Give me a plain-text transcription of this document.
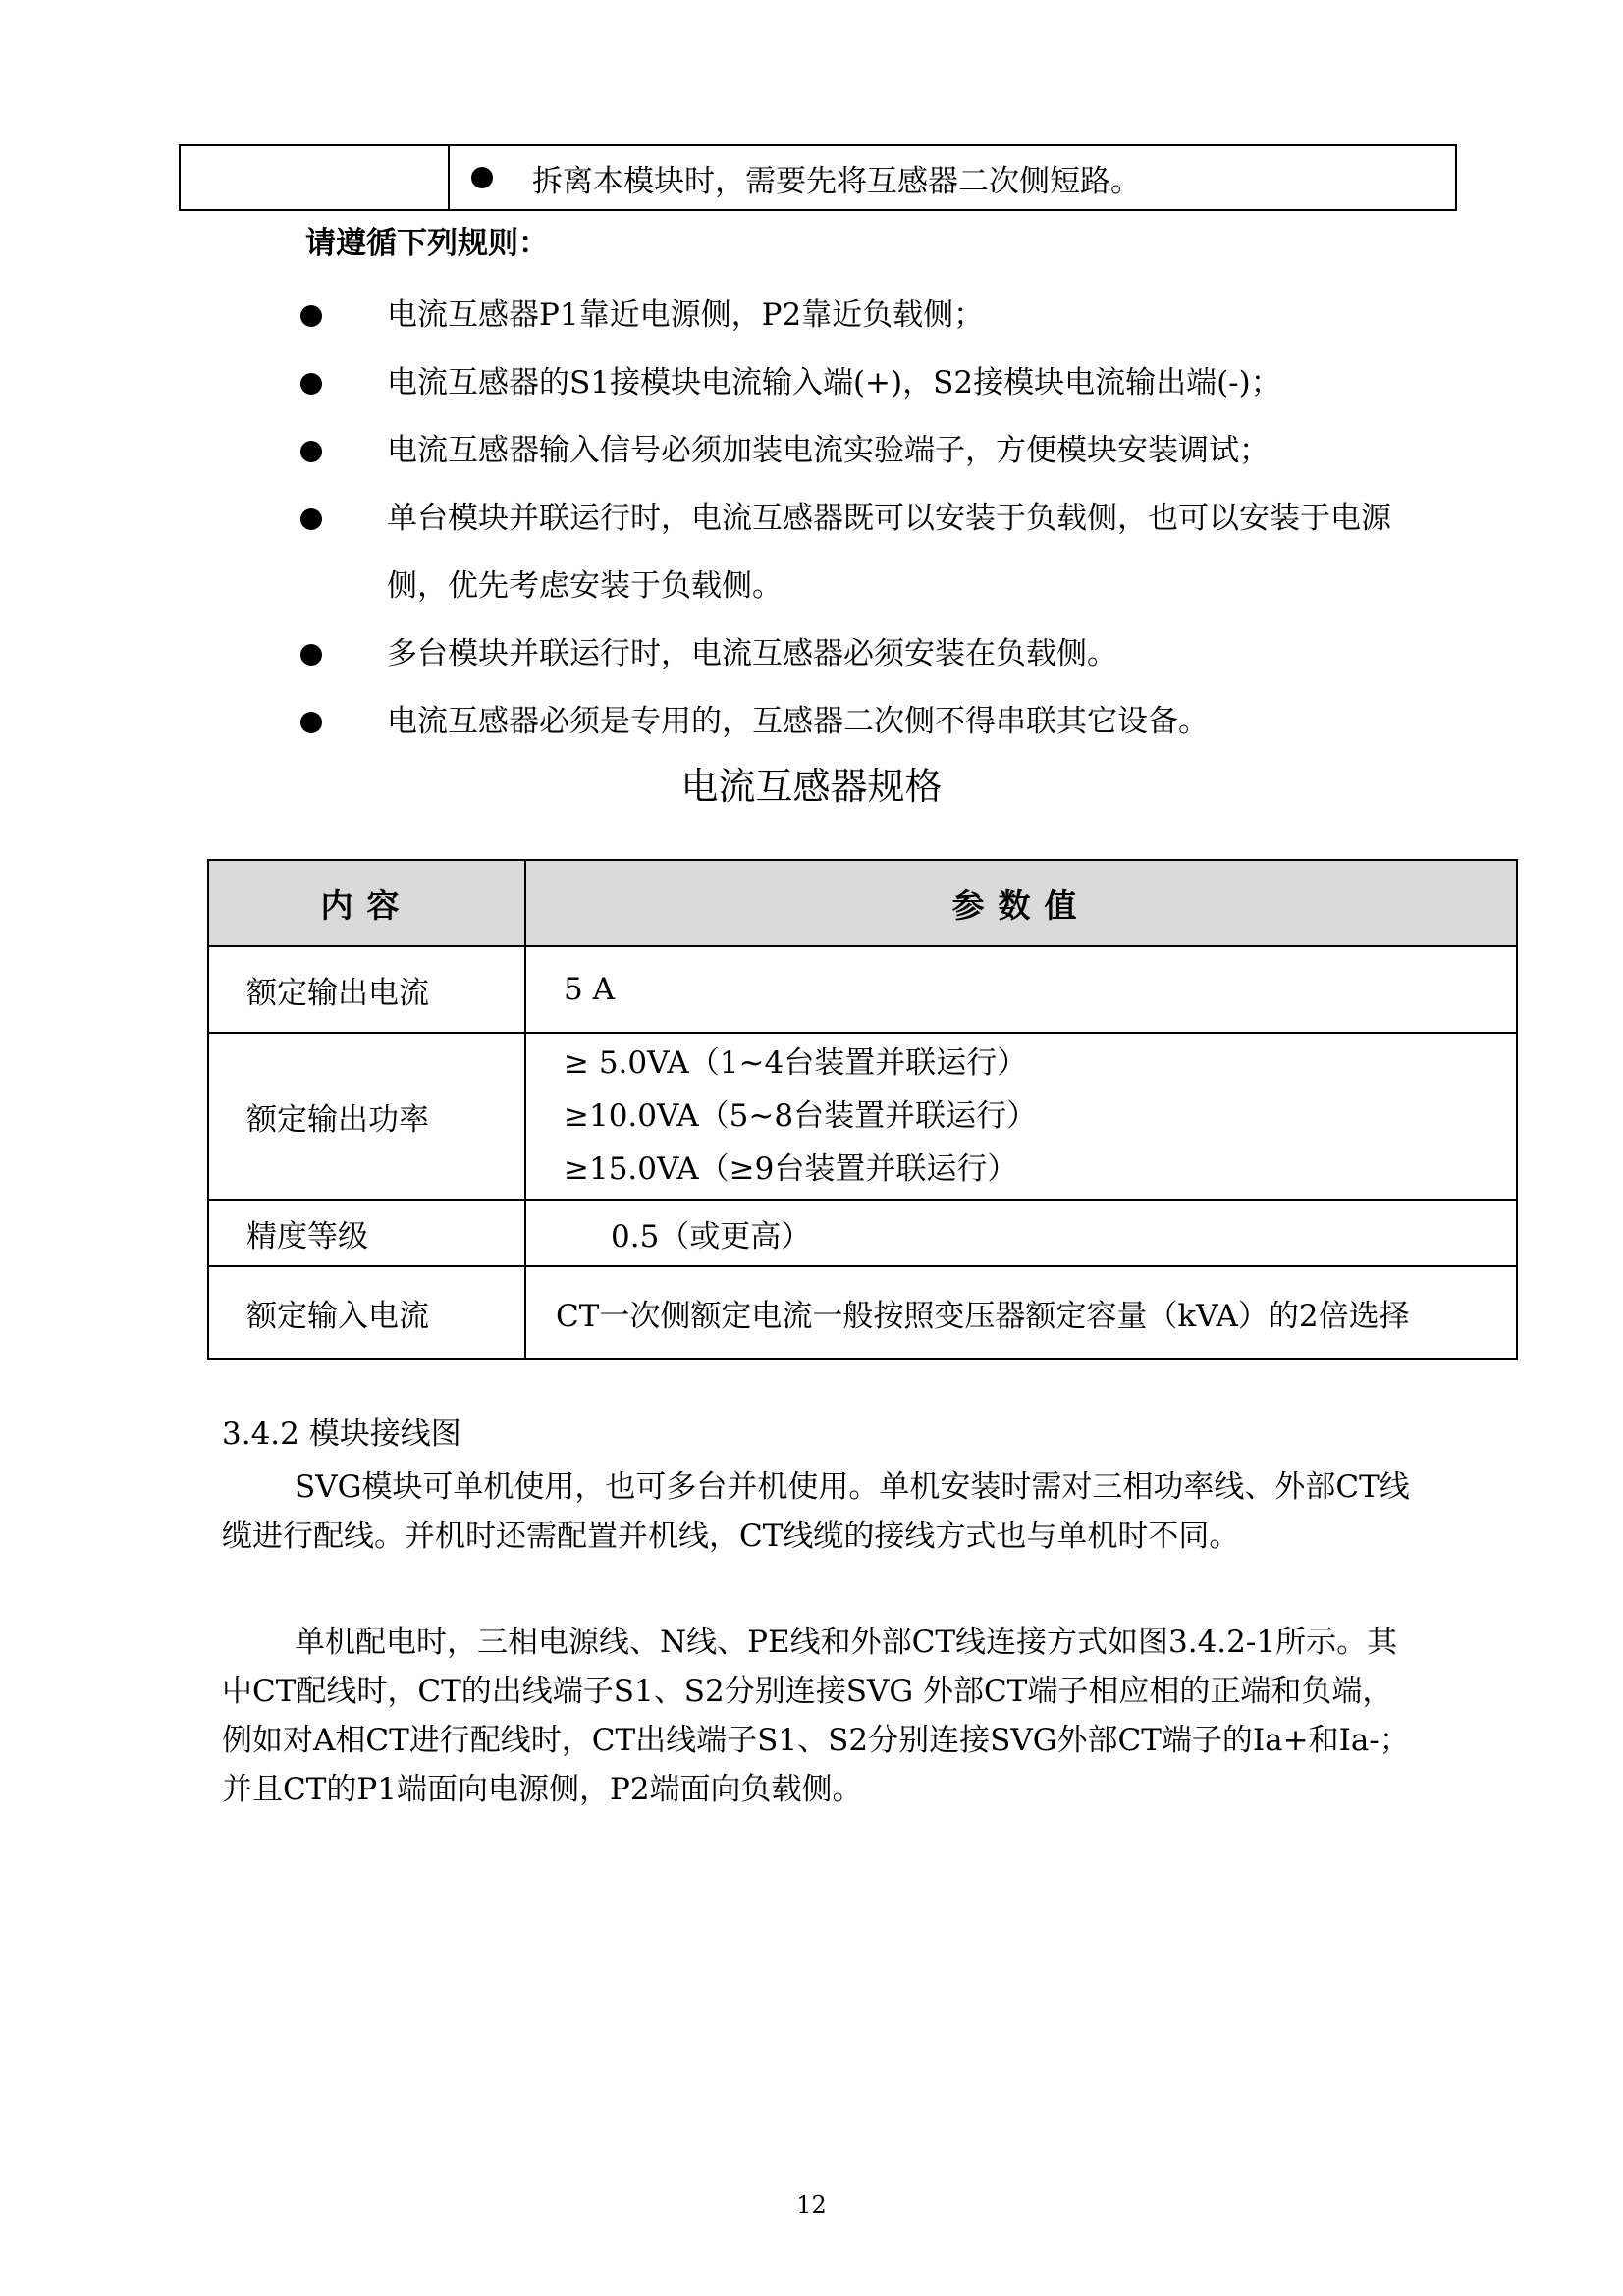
拆离本模块时，需要先将互感器二次侧短路。
请遵循下列规则：
电流互感器P1靠近电源侧，P2靠近负载侧；
电流互感器的S1接模块电流输入端(+)，S2接模块电流输出端(-)；
电流互感器输入信号必须加装电流实验端子，方便模块安装调试；
单台模块并联运行时，电流互感器既可以安装于负载侧，也可以安装于电源侧，优先考虑安装于负载侧。
多台模块并联运行时，电流互感器必须安装在负载侧。
电流互感器必须是专用的，互感器二次侧不得串联其它设备。
电流互感器规格
内容	参数值
额定输出电流	5 A
额定输出功率	≥ 5.0VA（1~4台装置并联运行）
≥10.0VA（5~8台装置并联运行）
≥15.0VA（≥9台装置并联运行）

精度等级	0.5（或更高）
额定输入电流	CT一次侧额定电流一般按照变压器额定容量（kVA）的2倍选择
3.4.2 模块接线图

SVG模块可单机使用，也可多台并机使用。单机安装时需对三相功率线、外部CT线缆进行配线。并机时还需配置并机线，CT线缆的接线方式也与单机时不同。

单机配电时，三相电源线、N线、PE线和外部CT线连接方式如图3.4.2-1所示。其中CT配线时，CT的出线端子S1、S2分别连接SVG 外部CT端子相应相的正端和负端，例如对A相CT进行配线时，CT出线端子S1、S2分别连接SVG外部CT端子的Ia+和Ia-；并且CT的P1端面向电源侧，P2端面向负载侧。

12
